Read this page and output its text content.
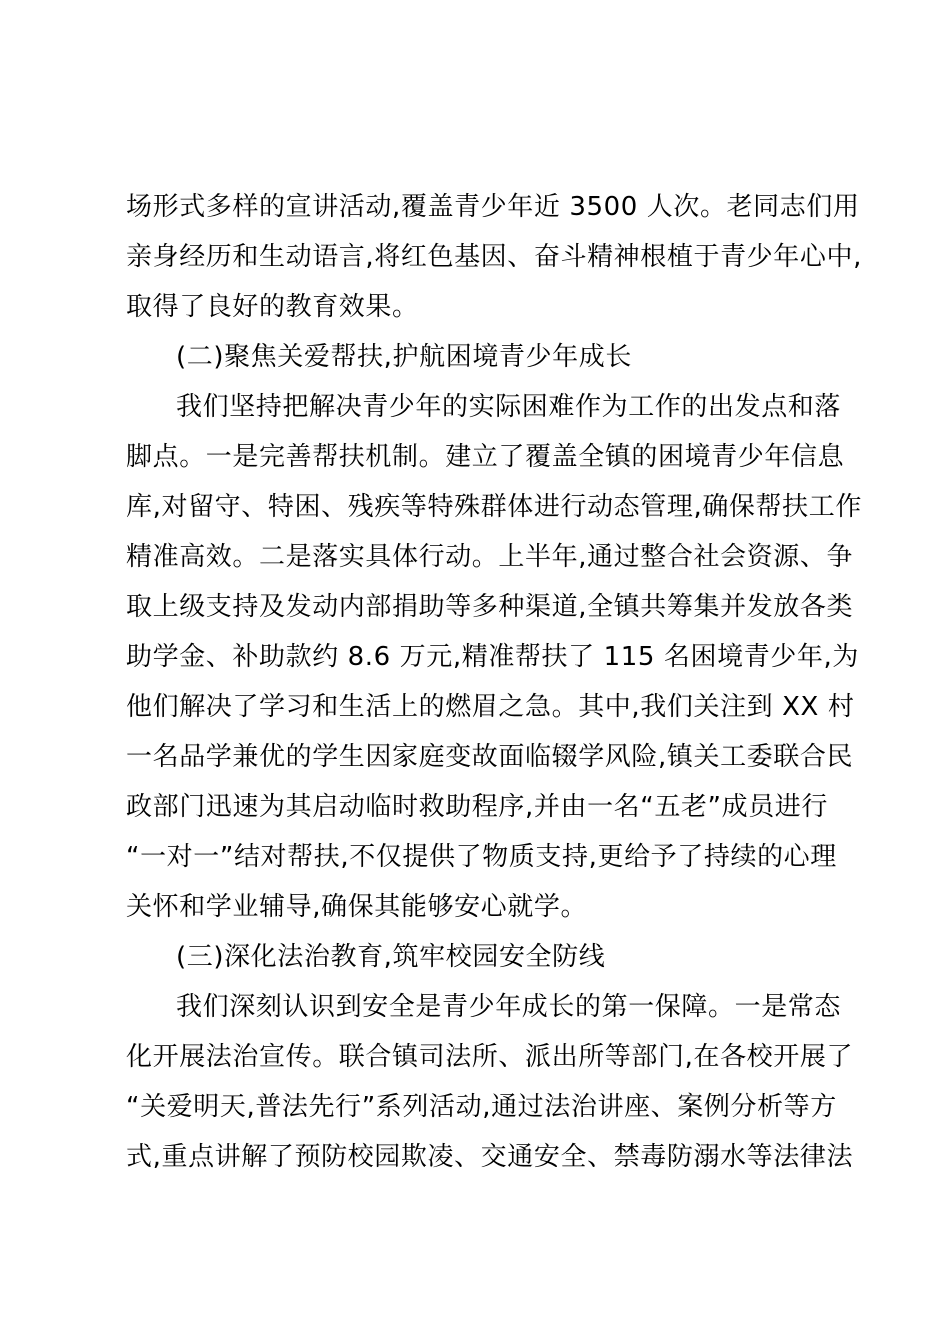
场形式多样的宣讲活动,覆盖青少年近 3500 人次。老同志们用
亲身经历和生动语言,将红色基因、奋斗精神根植于青少年心中,
取得了良好的教育效果。
(二)聚焦关爱帮扶,护航困境青少年成长
我们坚持把解决青少年的实际困难作为工作的出发点和落
脚点。一是完善帮扶机制。建立了覆盖全镇的困境青少年信息
库,对留守、特困、残疾等特殊群体进行动态管理,确保帮扶工作
精准高效。二是落实具体行动。上半年,通过整合社会资源、争
取上级支持及发动内部捐助等多种渠道,全镇共筹集并发放各类
助学金、补助款约 8.6 万元,精准帮扶了 115 名困境青少年,为
他们解决了学习和生活上的燃眉之急。其中,我们关注到 XX 村
一名品学兼优的学生因家庭变故面临辍学风险,镇关工委联合民
政部门迅速为其启动临时救助程序,并由一名“五老”成员进行
“一对一”结对帮扶,不仅提供了物质支持,更给予了持续的心理
关怀和学业辅导,确保其能够安心就学。
(三)深化法治教育,筑牢校园安全防线
我们深刻认识到安全是青少年成长的第一保障。一是常态
化开展法治宣传。联合镇司法所、派出所等部门,在各校开展了
“关爱明天,普法先行”系列活动,通过法治讲座、案例分析等方
式,重点讲解了预防校园欺凌、交通安全、禁毒防溺水等法律法
